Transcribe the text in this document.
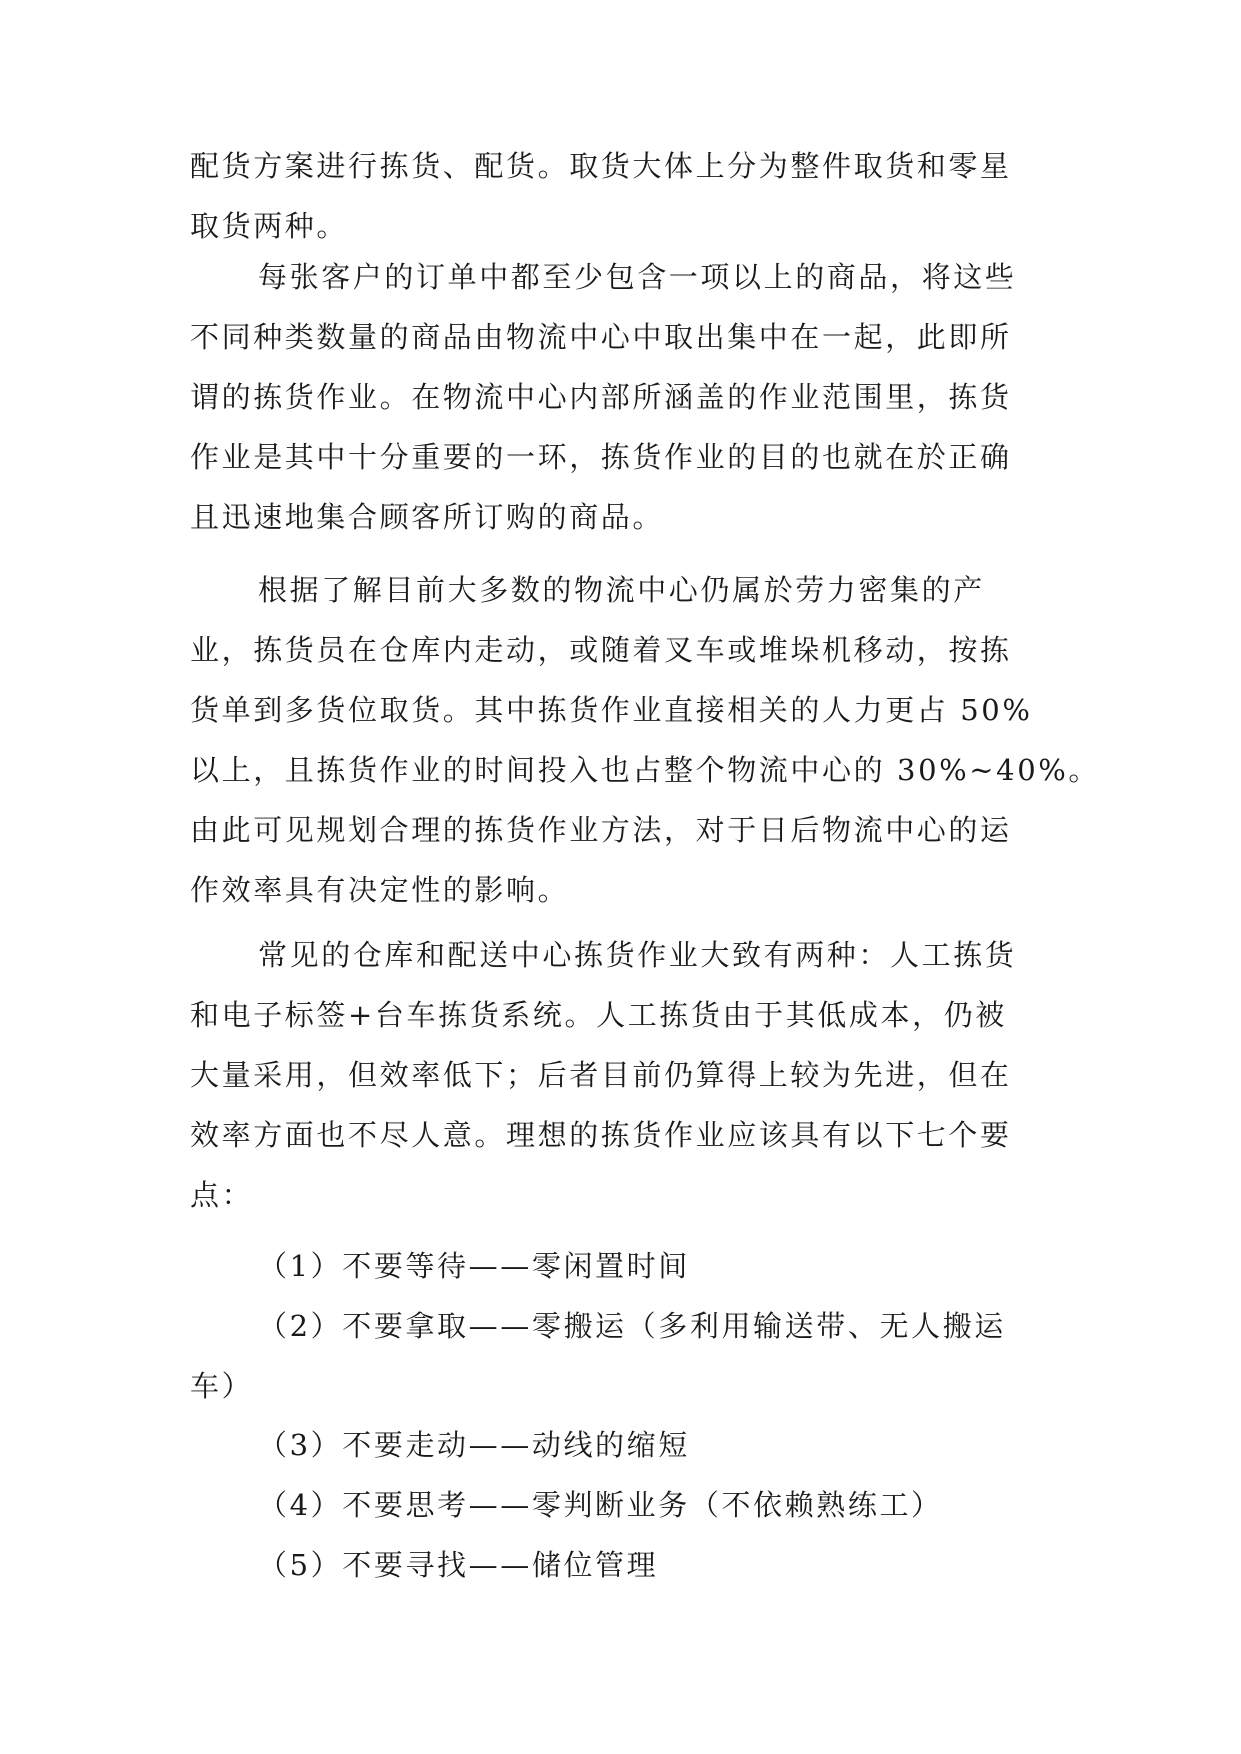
配货方案进行拣货、配货。取货大体上分为整件取货和零星
取货两种。
每张客户的订单中都至少包含一项以上的商品，将这些
不同种类数量的商品由物流中心中取出集中在一起，此即所
谓的拣货作业。在物流中心内部所涵盖的作业范围里，拣货
作业是其中十分重要的一环，拣货作业的目的也就在於正确
且迅速地集合顾客所订购的商品。
根据了解目前大多数的物流中心仍属於劳力密集的产
业，拣货员在仓库内走动，或随着叉车或堆垛机移动，按拣
货单到多货位取货。其中拣货作业直接相关的人力更占 50%
以上，且拣货作业的时间投入也占整个物流中心的 30%~40%。
由此可见规划合理的拣货作业方法，对于日后物流中心的运
作效率具有决定性的影响。
常见的仓库和配送中心拣货作业大致有两种：人工拣货
和电子标签+台车拣货系统。人工拣货由于其低成本，仍被
大量采用，但效率低下；后者目前仍算得上较为先进，但在
效率方面也不尽人意。理想的拣货作业应该具有以下七个要
点：
（1）不要等待——零闲置时间
（2）不要拿取——零搬运（多利用输送带、无人搬运
车）
（3）不要走动——动线的缩短
（4）不要思考——零判断业务（不依赖熟练工）
（5）不要寻找——储位管理
